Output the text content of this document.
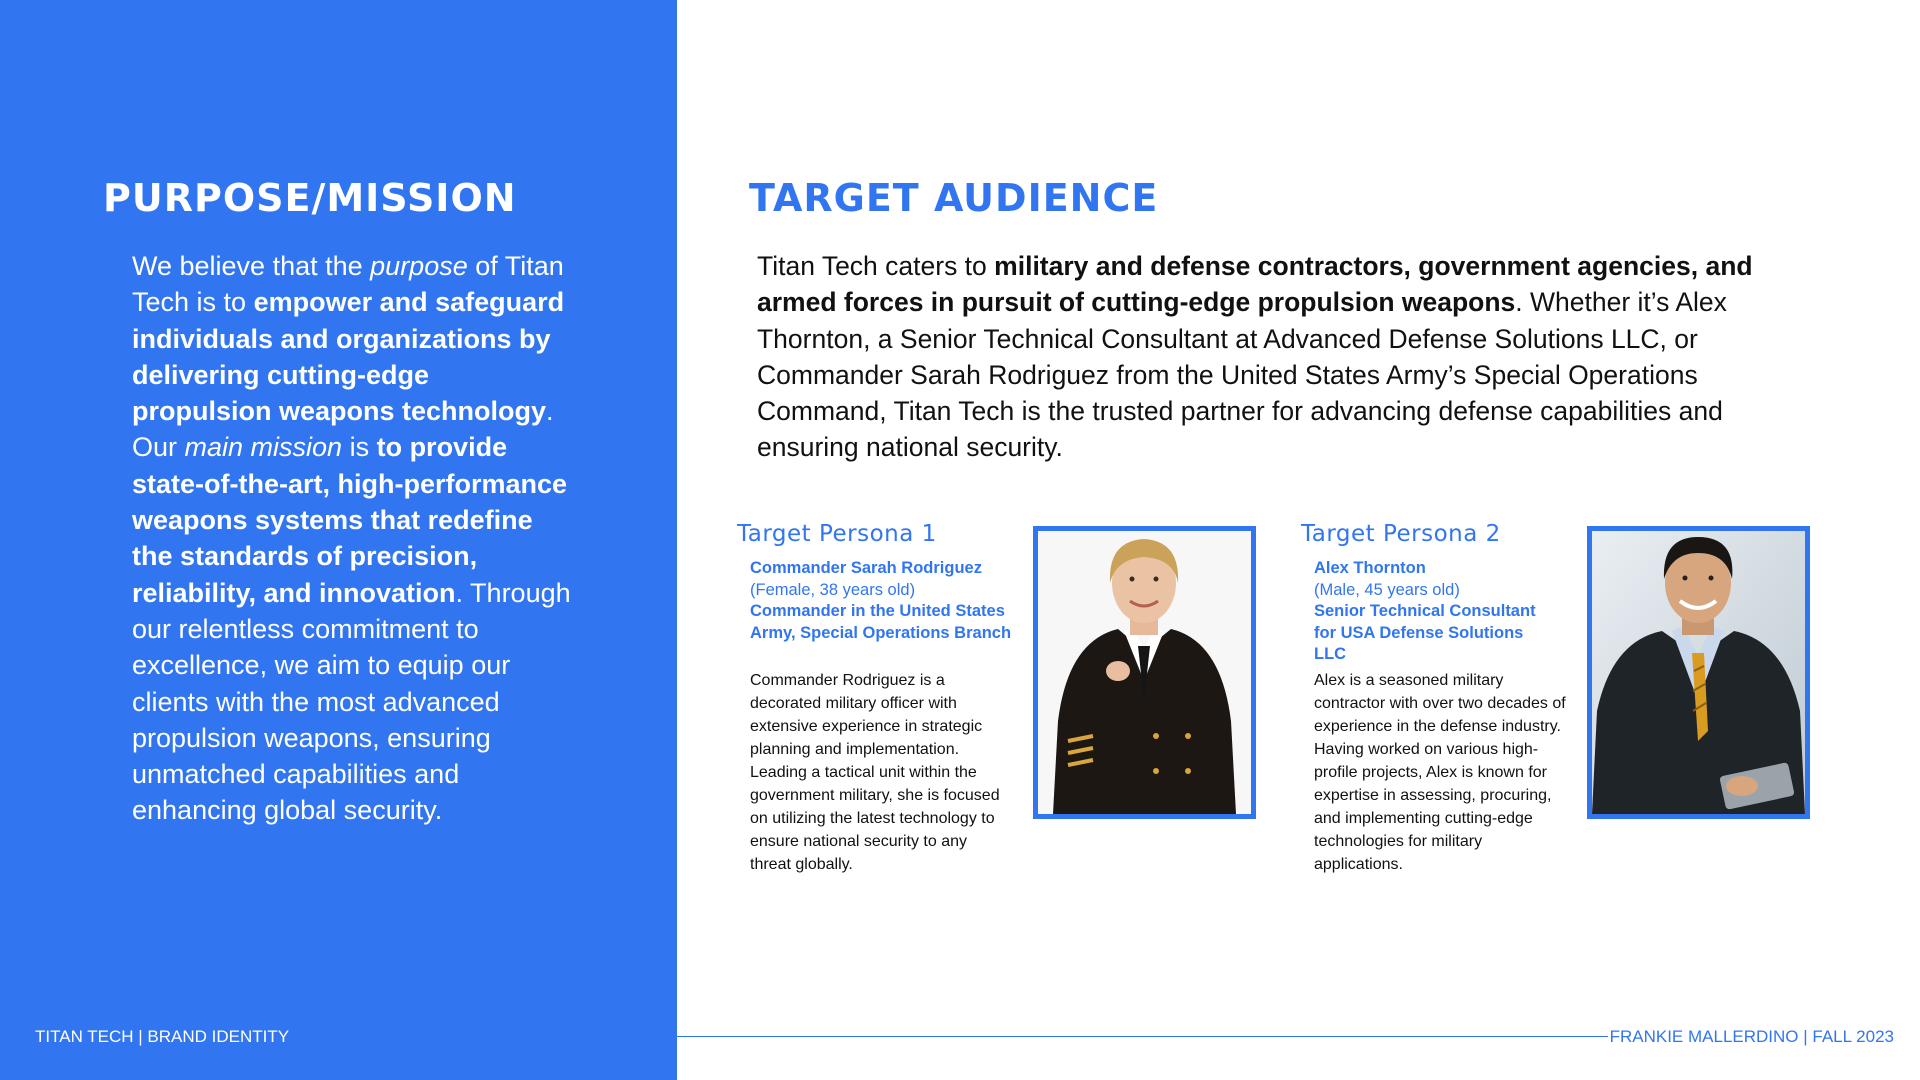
PURPOSE/MISSION

We believe that the purpose of Titan Tech is to empower and safeguard individuals and organizations by delivering cutting-edge propulsion weapons technology. Our main mission is to provide state-of-the-art, high-performance weapons systems that redefine the standards of precision, reliability, and innovation. Through our relentless commitment to excellence, we aim to equip our clients with the most advanced propulsion weapons, ensuring unmatched capabilities and enhancing global security.

TARGET AUDIENCE

Titan Tech caters to military and defense contractors, government agencies, and armed forces in pursuit of cutting-edge propulsion weapons. Whether it’s Alex Thornton, a Senior Technical Consultant at Advanced Defense Solutions LLC, or Commander Sarah Rodriguez from the United States Army’s Special Operations Command, Titan Tech is the trusted partner for advancing defense capabilities and ensuring national security.

Target Persona 1
Commander Sarah Rodriguez
(Female, 38 years old)
Commander in the United States Army, Special Operations Branch
Commander Rodriguez is a decorated military officer with extensive experience in strategic planning and implementation. Leading a tactical unit within the government military, she is focused on utilizing the latest technology to ensure national security to any threat globally.
Target Persona 2
Alex Thornton
(Male, 45 years old)
Senior Technical Consultant for USA Defense Solutions LLC
Alex is a seasoned military contractor with over two decades of experience in the defense industry. Having worked on various high-profile projects, Alex is known for expertise in assessing, procuring, and implementing cutting-edge technologies for military applications.
TITAN TECH | BRAND IDENTITY	FRANKIE MALLERDINO | FALL 2023
